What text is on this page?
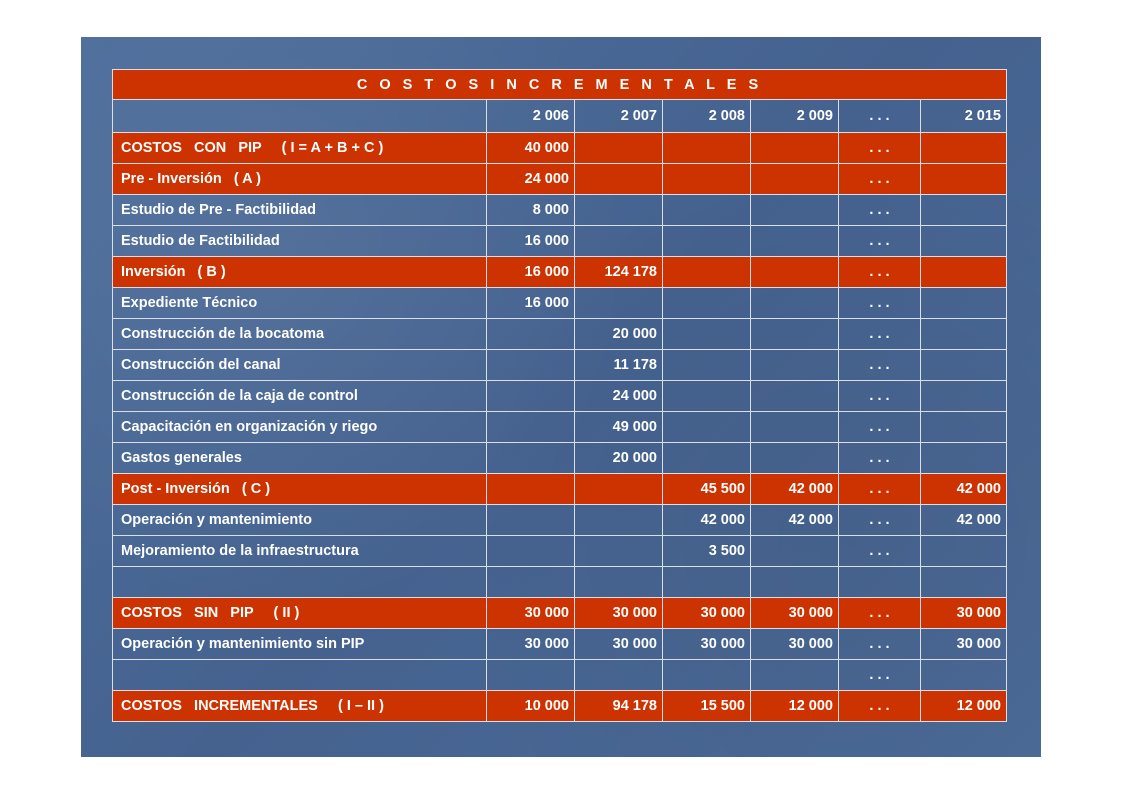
C O S T O S I N C R E M E N T A L E S						
	2 006	2 007	2 008	2 009	. . .	2 015
COSTOS   CON   PIP     ( I = A + B + C )	40 000				. . .	
Pre - Inversión   ( A )	24 000				. . .	
Estudio de Pre - Factibilidad	8 000				. . .	
Estudio de Factibilidad	16 000				. . .	
Inversión   ( B )	16 000	124 178			. . .	
Expediente Técnico	16 000				. . .	
Construcción de la bocatoma		20 000			. . .	
Construcción del canal		11 178			. . .	
Construcción de la caja de control		24 000			. . .	
Capacitación en organización y riego		49 000			. . .	
Gastos generales		20 000			. . .	
Post - Inversión   ( C )			45 500	42 000	. . .	42 000
Operación y mantenimiento			42 000	42 000	. . .	42 000
Mejoramiento de la infraestructura			3 500		. . .	

COSTOS   SIN   PIP     ( II )	30 000	30 000	30 000	30 000	. . .	30 000
Operación y mantenimiento sin PIP	30 000	30 000	30 000	30 000	. . .	30 000
					. . .	
COSTOS   INCREMENTALES     ( I – II )	10 000	94 178	15 500	12 000	. . .	12 000
